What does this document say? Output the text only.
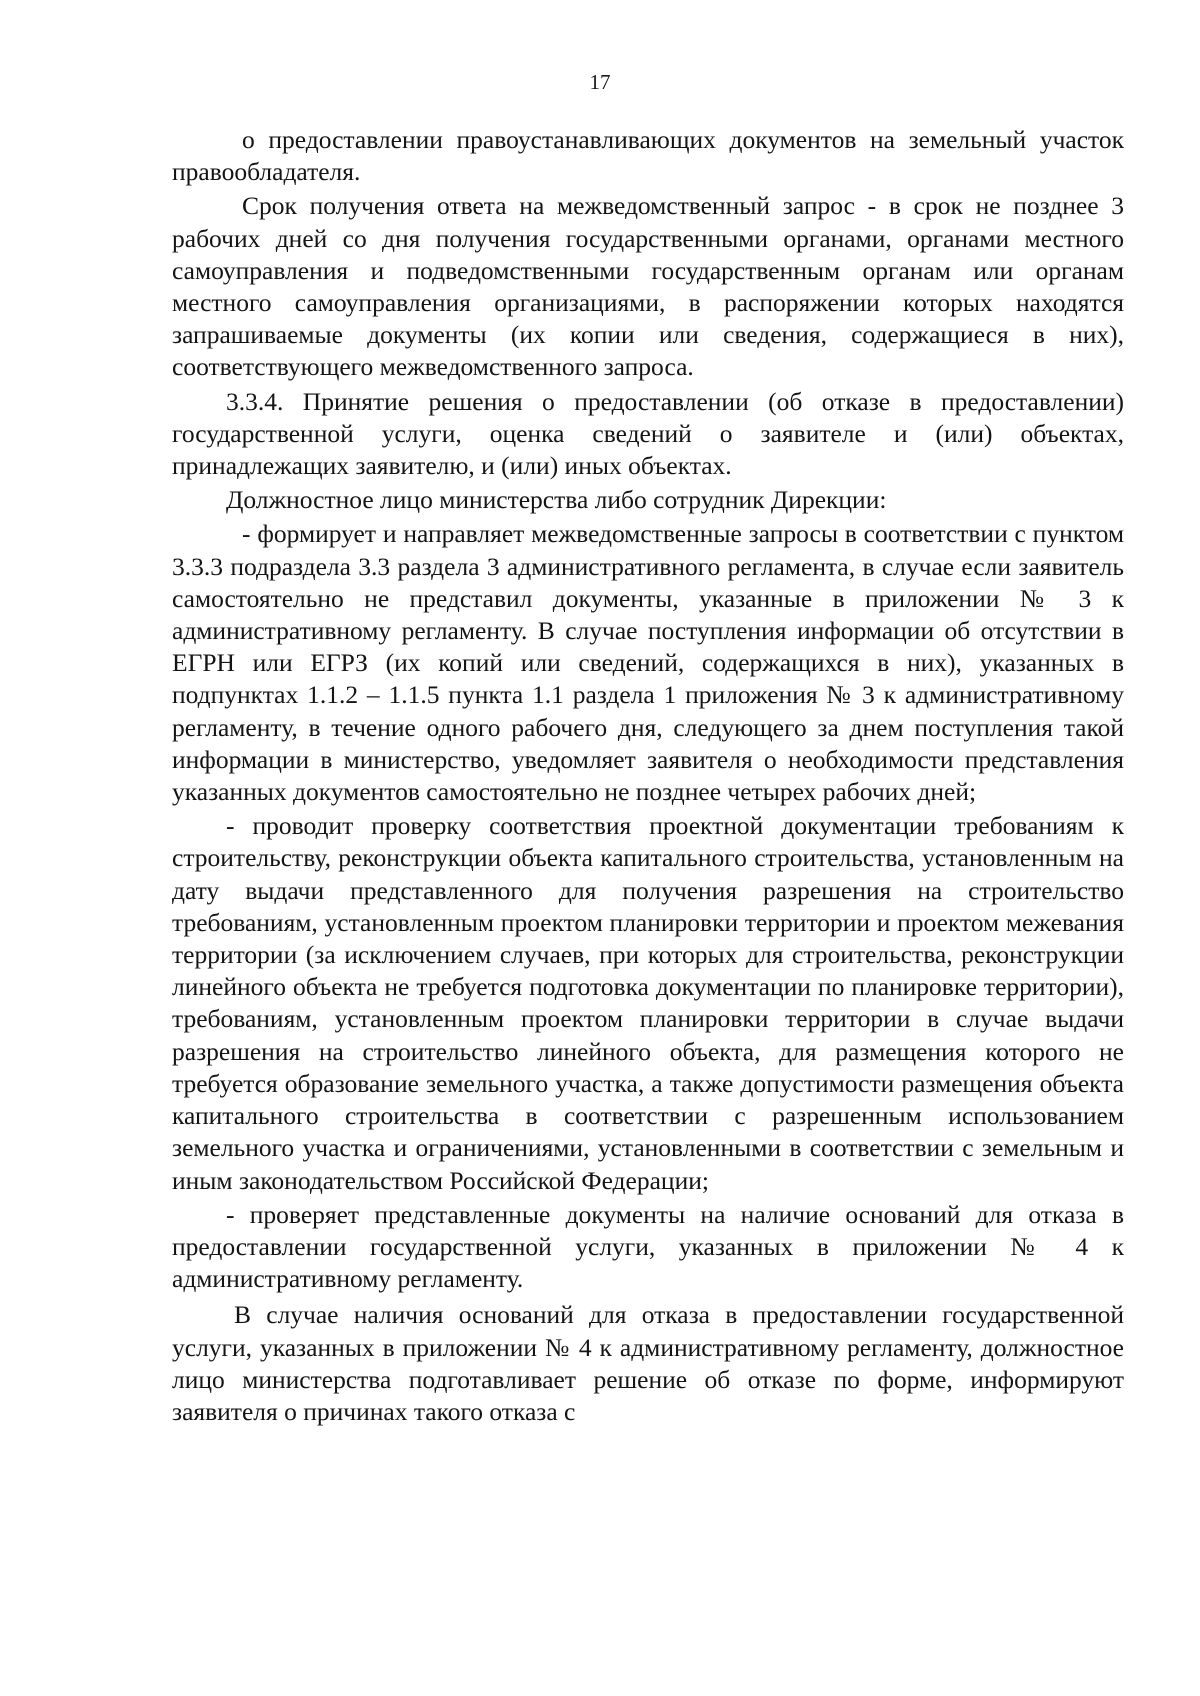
17

о предоставлении правоустанавливающих документов на земельный участок правообладателя.

Срок получения ответа на межведомственный запрос - в срок не позднее 3 рабочих дней со дня получения государственными органами, органами местного самоуправления и подведомственными государственным органам или органам местного самоуправления организациями, в распоряжении которых находятся запрашиваемые документы (их копии или сведения, содержащиеся в них), соответствующего межведомственного запроса.

3.3.4. Принятие решения о предоставлении (об отказе в предоставлении) государственной услуги, оценка сведений о заявителе и (или) объектах, принадлежащих заявителю, и (или) иных объектах.

Должностное лицо министерства либо сотрудник Дирекции:

- формирует и направляет межведомственные запросы в соответствии с пунктом 3.3.3 подраздела 3.3 раздела 3 административного регламента, в случае если заявитель самостоятельно не представил документы, указанные в приложении № 3 к административному регламенту. В случае поступления информации об отсутствии в ЕГРН или ЕГРЗ (их копий или сведений, содержащихся в них), указанных в подпунктах 1.1.2 – 1.1.5 пункта 1.1 раздела 1 приложения № 3 к административному регламенту, в течение одного рабочего дня, следующего за днем поступления такой информации в министерство, уведомляет заявителя о необходимости представления указанных документов самостоятельно не позднее четырех рабочих дней;

- проводит проверку соответствия проектной документации требованиям к строительству, реконструкции объекта капитального строительства, установленным на дату выдачи представленного для получения разрешения на строительство требованиям, установленным проектом планировки территории и проектом межевания территории (за исключением случаев, при которых для строительства, реконструкции линейного объекта не требуется подготовка документации по планировке территории), требованиям, установленным проектом планировки территории в случае выдачи разрешения на строительство линейного объекта, для размещения которого не требуется образование земельного участка, а также допустимости размещения объекта капитального строительства в соответствии с разрешенным использованием земельного участка и ограничениями, установленными в соответствии с земельным и иным законодательством Российской Федерации;

- проверяет представленные документы на наличие оснований для отказа в предоставлении государственной услуги, указанных в приложении № 4 к административному регламенту.

В случае наличия оснований для отказа в предоставлении государственной услуги, указанных в приложении № 4 к административному регламенту, должностное лицо министерства подготавливает решение об отказе по форме, информируют заявителя о причинах такого отказа с
